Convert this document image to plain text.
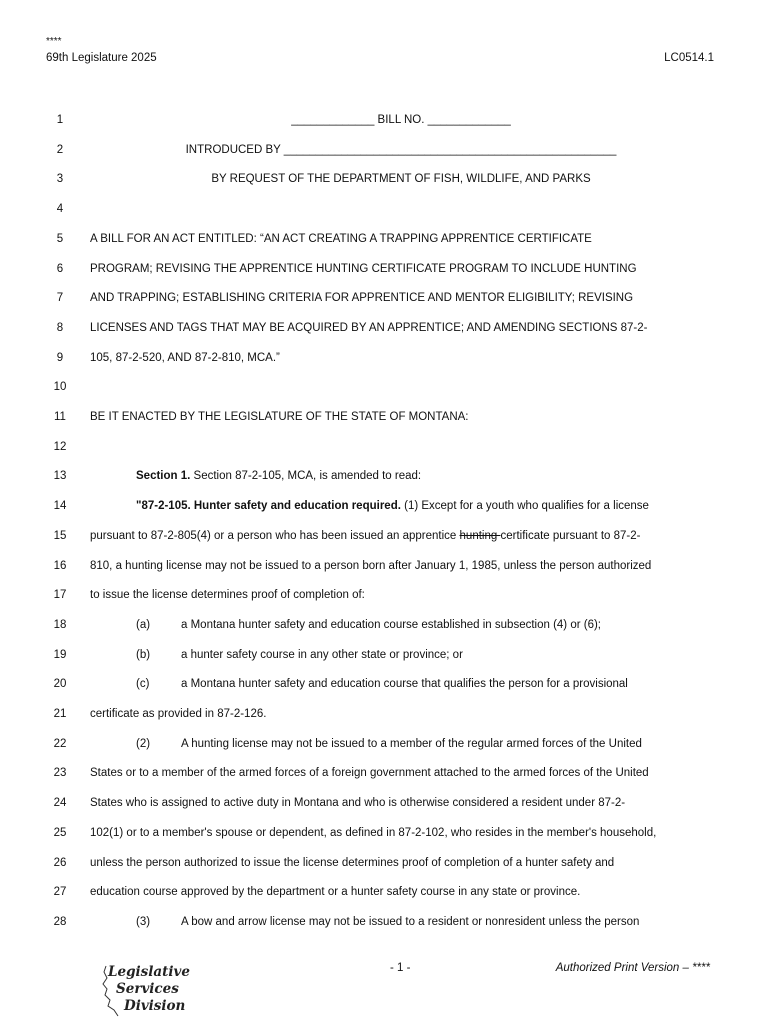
****
69th Legislature 2025	LC0514.1
1	_____________ BILL NO. _____________
2	INTRODUCED BY ____________________________________________________
3	BY REQUEST OF THE DEPARTMENT OF FISH, WILDLIFE, AND PARKS
4
5	A BILL FOR AN ACT ENTITLED: “AN ACT CREATING A TRAPPING APPRENTICE CERTIFICATE
6	PROGRAM; REVISING THE APPRENTICE HUNTING CERTIFICATE PROGRAM TO INCLUDE HUNTING
7	AND TRAPPING; ESTABLISHING CRITERIA FOR APPRENTICE AND MENTOR ELIGIBILITY; REVISING
8	LICENSES AND TAGS THAT MAY BE ACQUIRED BY AN APPRENTICE; AND AMENDING SECTIONS 87-2-
9	105, 87-2-520, AND 87-2-810, MCA.”
10
11	BE IT ENACTED BY THE LEGISLATURE OF THE STATE OF MONTANA:
12
13	Section 1. Section 87-2-105, MCA, is amended to read:
14	"87-2-105. Hunter safety and education required. (1) Except for a youth who qualifies for a license
15	pursuant to 87-2-805(4) or a person who has been issued an apprentice hunting certificate pursuant to 87-2-
16	810, a hunting license may not be issued to a person born after January 1, 1985, unless the person authorized
17	to issue the license determines proof of completion of:
18	(a)	a Montana hunter safety and education course established in subsection (4) or (6);
19	(b)	a hunter safety course in any other state or province; or
20	(c)	a Montana hunter safety and education course that qualifies the person for a provisional
21	certificate as provided in 87-2-126.
22	(2)	A hunting license may not be issued to a member of the regular armed forces of the United
23	States or to a member of the armed forces of a foreign government attached to the armed forces of the United
24	States who is assigned to active duty in Montana and who is otherwise considered a resident under 87-2-
25	102(1) or to a member's spouse or dependent, as defined in 87-2-102, who resides in the member's household,
26	unless the person authorized to issue the license determines proof of completion of a hunter safety and
27	education course approved by the department or a hunter safety course in any state or province.
28	(3)	A bow and arrow license may not be issued to a resident or nonresident unless the person
Legislative
Services
Division
- 1 -	Authorized Print Version – ****
